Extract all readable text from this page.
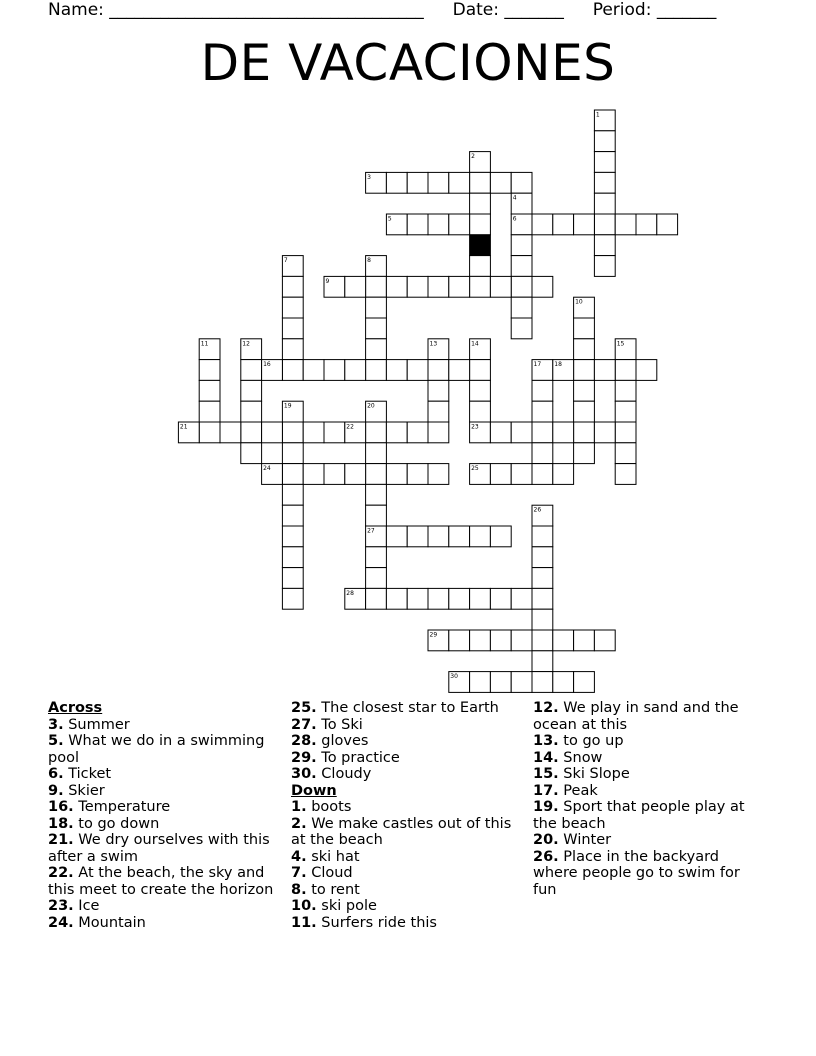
Name: _____________________________________ Date: _______ Period: _______
DE VACACIONES
1
2
3
4
5	6
7	8
9
10
11	12	13	14	15
16	17 18
19	20
21	22	23
24	25
26
27
28
29
30

Across

3. Summer

5. What we do in a swimming pool

6. Ticket

9. Skier

16. Temperature

18. to go down

21. We dry ourselves with this after a swim

22. At the beach, the sky and this meet to create the horizon

23. Ice

24. Mountain

25. The closest star to Earth

27. To Ski

28. gloves

29. To practice

30. Cloudy

Down

1. boots

2. We make castles out of this at the beach

4. ski hat

7. Cloud

8. to rent

10. ski pole

11. Surfers ride this

12. We play in sand and the ocean at this

13. to go up

14. Snow

15. Ski Slope

17. Peak

19. Sport that people play at the beach

20. Winter

26. Place in the backyard where people go to swim for fun
